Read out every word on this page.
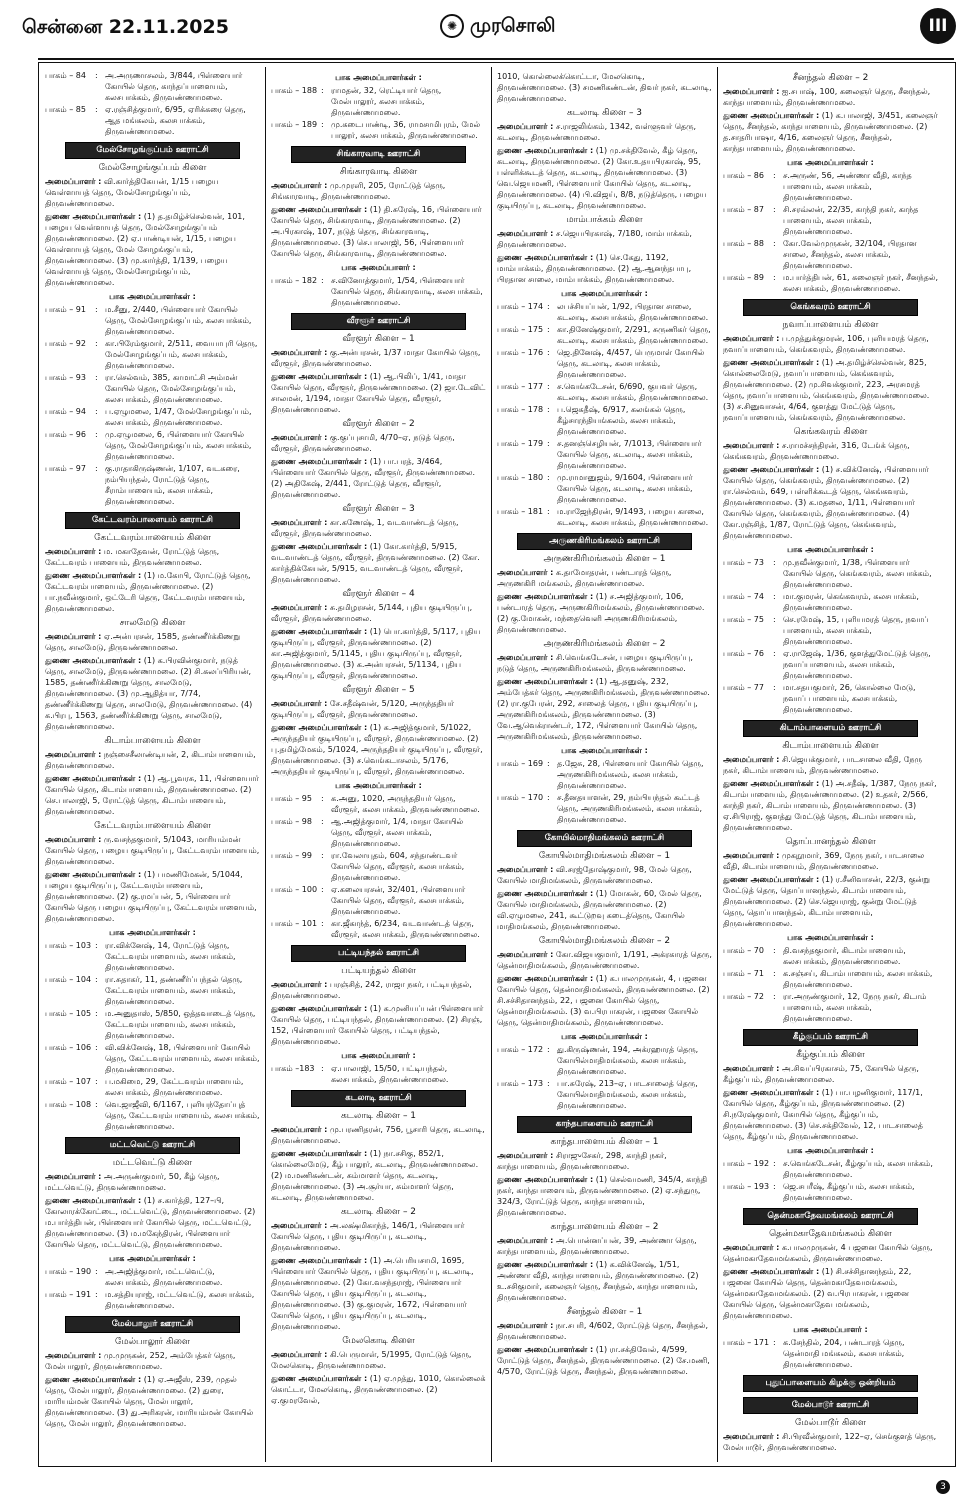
சென்னை 22.11.2025	✺ முரசொலி	III
பாகம் – 84	: அ.அருணாசலம், 3/844, பிள்ளையார் கோயில் தெரு, காந்தப்பாளையம், கலசபாக்கம், திருவண்ணாமலை.
பாகம் – 85	: ஏ.ரஞ்சித்குமார், 6/95, ஏரிக்கரை தெரு, ஆத மங்கலம், கலசபாக்கம், திருவண்ணாமலை.
மேல்சோழங்குப்பம் ஊராட்சி
மேல்சோழங்குப்பம் கிளை
அமைப்பாளர் : வி.கார்த்திகேயன், 1/15 பழைய வெள்ளாயத் தெரு, மேல்சோழங்குப்பம், திருவண்ணாமலை.
துணை அமைப்பாளர்கள் : (1) த.தமிழ்ச்செல்வன், 101, பழைய வெள்ளாயத் தெரு, மேல்சோழங்குப்பம் திருவண்ணாமலை. (2) ஏ.பாண்டியன், 1/15, பழைய வெள்ளாயத் தெரு, மேல் சோழங்குப்பம், திருவண்ணாமலை. (3) மு.கார்த்தி, 1/139, பழைய வெள்ளாயத் தெரு, மேல்சோழங்குப்பம், திருவண்ணாமலை.
பாக அமைப்பாளர்கள் :
பாகம் – 91	: ம.சீனு, 2/440, பிள்ளையார் கோயில் தெரு, மேல்சோழங்குப்பம், கலசபாக்கம், திருவண்ணாமலை.
பாகம் – 92	: கா.பிரேம்குமார், 2/511, வையாபுரி தெரு, மேல்சோழங்குப்பம், கலசபாக்கம், திருவண்ணாமலை.
பாகம் – 93	: ரா.செல்வம், 385, காமாட்சி அம்மன் கோயில் தெரு, மேல்சோழங்குப்பம், கலசபாக்கம், திருவண்ணாமலை.
பாகம் – 94	: ப.ஏழுமலை, 1/47, மேல்சோழங்குப்பம், கலசபாக்கம், திருவண்ணாமலை.
பாகம் – 96	: மு.ஏழுமலை, 6, பிள்ளையார் கோயில் தெரு, மேல்சோழங்குப்பம், கலசபாக்கம், திருவண்ணாமலை.
பாகம் – 97	: கு.ராதாகிருஷ்ணன், 1/107, வடகரை, நம்பியந்தல், ரோட்டுத் தெரு, சீராம்பாளையம், கலசபாக்கம், திருவண்ணாமலை.
கேட்டவரம்பாளையம் ஊராட்சி
கேட்டவரம்பாளையம் கிளை
அமைப்பாளர் : ம. மகாதேவன், ரோட்டுத் தெரு, கேட்டவரம் பாளையம், திருவண்ணாமலை.
துணை அமைப்பாளர்கள் : (1) ம.கோபி, ரோட்டுத் தெரு, கேட்டவரம்பாளையம், திருவண்ணாமலை. (2) பா.நவீன்குமார், ஒட்டேரி தெரு, கேட்டவரம்பாளையம், திருவண்ணாமலை.
சாலமேடு கிளை
அமைப்பாளர் : ஏ.அன்பரசன், 1585, தண்ணீர்க்கிணறு தெரு, சாலமேடு, திருவண்ணாமலை.
துணை அமைப்பாளர்கள் : (1) க.பிரவின்குமார், நடுத் தெரு, சாலமேடு, திருவண்ணாமலை. (2) சி.கலப்பிரியன், 1585, தண்ணீர்க்கிணறு தெரு, சாலமேடு, திருவண்ணாமலை. (3) மு.ஆதித்யா, 7/74, தண்ணீர்க்கிணறு தெரு, சாலமேடு, திருவண்ணாமலை. (4) க.பிரபு, 1563, தண்ணீர்க்கிணறு தெரு, சாலமேடு, திருவண்ணாமலை.
கிடாம்பாளையம் கிளை
அமைப்பாளர் : நஞ்சைசீலாண்டியன், 2, கிடாம்பாளையம், திருவண்ணாமலை.
துணை அமைப்பாளர்கள் : (1) ஆ.பூவரசு, 11, பிள்ளையார் கோயில் தெரு, கிடாம்பாளையம், திருவண்ணாமலை. (2) செ.பாலாஜி, 5, ரோட்டுத் தெரு, கிடாம்பாளையம், திருவண்ணாமலை.
கேட்டவரம்பாளையம் கிளை
அமைப்பாளர் : ரு.வசந்தகுமார், 5/1043, மாரியம்மன் கோயில் தெரு, பழைய குடியிருப்பு, கேட்டவரம்பாளையம், திருவண்ணாமலை.
துணை அமைப்பாளர்கள் : (1) பமணிமேகன், 5/1044, பழைய குடியிருப்பு, கேட்டவரம்பாளையம், திருவண்ணாமலை. (2) கு.ரமப்பன், 5, பிள்ளையார் கோயில் தெரு பழைய குடியிருப்பு, கேட்டவரம்பாளையம், திருவண்ணாமலை.
பாக அமைப்பாளர்கள் :
பாகம் – 103 : ரா.விக்னேஷ், 14, ரோட்டுத் தெரு, கேட்டவரம்பாளையம், கலசபாக்கம், திருவண்ணாமலை.
பாகம் – 104 : ரா.சுதாகர், 11, தண்ணீர்ப்பந்தல் தெரு, கேட்டவரம்பாளையம், கலசபாக்கம், திருவண்ணாமலை.
பாகம் – 105 : ம.அனுதாஸ், 5/850, ஒத்தவாடைத் தெரு, கேட்டவரம்பாளையம், கலசபாக்கம், திருவண்ணாமலை.
பாகம் – 106 : வி.விக்னேஷ், 18, பிள்ளையார் கோயில் தெரு, கேட்டவரம்பாளையம், கலசபாக்கம், திருவண்ணாமலை.
பாகம் – 107 : ப.மகிமை, 29, கேட்டவரம்பாளையம், கலசபாக்கம், திருவண்ணாமலை.
பாகம் – 108 : வெ.ஜாஜீவி, 6/1167, புளியந்தோப்புத் தெரு, கேட்டவரம்பாளையம், கலசபாக்கம், திருவண்ணாமலை.
மட்டவெட்டு ஊராட்சி
மட்டவெட்டு கிளை
அமைப்பாளர் : அ.அருண்குமார், 50, கீழ் தெரு, மட்டவெட்டு, திருவண்ணாமலை.
துணை அமைப்பாளர்கள் : (1) ச.கார்த்தி, 127–பி, கோலாரக்கோட்டை, மட்டவெட்டு, திருவண்ணாமலை. (2) ம.பார்த்திபன், பிள்ளையார் கோயில் தெரு, மட்டவெட்டு, திருவண்ணாமலை. (3) ம.மகேந்திரன், பிள்ளையார் கோயில் தெரு, மட்டவெட்டு, திருவண்ணாமலை.
பாக அமைப்பாளர்கள் :
பாகம் – 190 : அ.அஜித்குமார், மட்டவெட்டு, கலசபாக்கம், திருவண்ணாமலை.
பாகம் – 191 : ம.சத்தியராஜ், மட்டவெட்டு, கலசபாக்கம், திருவண்ணாமலை.
மேல்பாலூர் ஊராட்சி
மேல்பாலூர் கிளை
அமைப்பாளர் : மு.முருகன், 252, அம்பேத்கர் தெரு, மேல்பாலூர், திருவண்ணாமலை.
துணை அமைப்பாளர்கள் : (1) ஏ.அஜீஸ், 239, முதல் தெரு, மேல்பாலூர், திருவண்ணாமலை. (2) துரை, மாரியம்மன் கோயில் தெரு, மேல்பாலூர், திருவண்ணாமலை. (3) து.அரிகரன், மாரியம்மன் கோயில் தெரு, மேல்பாலூர், திருவண்ணாமலை.
பாக அமைப்பாளர்கள் :
பாகம் – 188 : ராமதன், 32, ரெட்டியார் தெரு, மேல்பாலூர், கலசபாக்கம், திருவண்ணாமலை.
பாகம் – 189 : மு.கடைபாண்டி, 36, ராமசாமிபுரம், மேல் பாலூர், கலசபாக்கம், திருவண்ணாமலை.
சிங்காரவாடி ஊராட்சி
சிங்காரவாடி கிளை
அமைப்பாளர் : மு.முரளி, 205, ரோட்டுத் தெரு, சிங்காரவாடி, திருவண்ணாமலை.
துணை அமைப்பாளர்கள் : (1) தி.சுரேஷ், 16, பிள்ளையார் கோயில் தெரு, சிங்காரவாடி, திருவண்ணாமலை. (2) அ.பிரகாஷ், 107, நடுத் தெரு, சிங்காரவாடி, திருவண்ணாமலை. (3) செ.பாலாஜி, 56, பிள்ளையார் கோயில் தெரு, சிங்காரவாடி, திருவண்ணாமலை.
பாக அமைப்பாளர் :
பாகம் – 182 : ச.வினோத்குமார், 1/54, பிள்ளையார் கோயில் தெரு, சிங்காரவாடி, கலசபாக்கம், திருவண்ணாமலை.
வீரளூர் ஊராட்சி
வீரளூர் கிளை – 1
அமைப்பாளர் : கு.அன்பரசன், 1/37 மாதா கோயில் தெரு, வீரளூர், திருவண்ணாமலை.
துணை அமைப்பாளர்கள் : (1) ஆ.பிலிப், 1/41, மாதா கோயில் தெரு, வீரளூர், திருவண்ணாமலை. (2) ஜா.டேவிட் சாலமன், 1/194, மாதா கோயில் தெரு, வீரளூர், திருவண்ணாமலை.
வீரளூர் கிளை – 2
அமைப்பாளர் : கு.குப்புசாமி, 4/70–ஏ, நடுத் தெரு, வீரளூர், திருவண்ணாமலை.
துணை அமைப்பாளர்கள் : (1) பா.பரத், 3/464, பிள்ளையார் கோயில் தெரு, வீரளூர், திருவண்ணாமலை. (2) அதிகேஷ், 2/441, ரோட்டுத் தெரு, வீரளூர், திருவண்ணாமலை.
வீரளூர் கிளை – 3
அமைப்பாளர் : கா.கணேஷ், 1, வடவாண்டத் தெரு, வீரளூர், திருவண்ணாமலை.
துணை அமைப்பாளர்கள் : (1) கோ.கார்த்தி, 5/915, வடவாண்டத் தெரு, வீரளூர், திருவண்ணாமலை. (2) கோ. கார்த்திக்கேயன், 5/915, வடவாண்டத் தெரு, வீரளூர், திருவண்ணாமலை.
வீரளூர் கிளை – 4
அமைப்பாளர் : சு.தமிழரசன், 5/144, புதிய குடியிருப்பு, வீரளூர், திருவண்ணாமலை.
துணை அமைப்பாளர்கள் : (1) பொ.கார்த்தி, 5/117, புதிய குடியிருப்பு, வீரளூர், திருவண்ணாமலை. (2) கா.அஜித்குமார், 5/1145, புதிய குடியிருப்பு, வீரளூர், திருவண்ணாமலை. (3) க.அன்பரசன், 5/1134, புதிய குடியிருப்பு, வீரளூர், திருவண்ணாமலை.
வீரளூர் கிளை – 5
அமைப்பாளர் : சே.சதீஷ்வன், 5/120, அருந்ததியர் குடியிருப்பு, வீரளூர், திருவண்ணாமலை.
துணை அமைப்பாளர்கள் : (1) க.அஜித்குமார், 5/1022, அருந்ததியர் குடியிருப்பு, வீரளூர், திருவண்ணாமலை. (2) பு.தமிழ்மேகம், 5/1024, அருந்ததியர் குடியிருப்பு, வீரளூர், திருவண்ணாமலை. (3) ச.வெங்கடாசலம், 5/176, அருந்ததியர் குடியிருப்பு, வீரளூர், திருவண்ணாமலை.
பாக அமைப்பாளர்கள் :
பாகம் – 95	: க.அனு, 1020, அருந்ததியர் தெரு, வீரளூர், கலசபாக்கம், திருவண்ணாமலை.
பாகம் – 98	: ஆ.அஜித்குமார், 1/4, மாதா கோயில் தெரு, வீரளூர், கலசபாக்கம், திருவண்ணாமலை.
பாகம் – 99	: ரா.வேலாயுதம், 604, சந்தாண்டவர் கோயில் தெரு, வீரளூர், கலசபாக்கம், திருவண்ணாமலை.
பாகம் – 100 : ஏ.கலையரசன், 32/401, பிள்ளையார் கோயில் தெரு, வீரளூர், கலசபாக்கம், திருவண்ணாமலை.
பாகம் – 101 : கா.ஜீகாந்த், 6/234, வடவாண்டத் தெரு, வீரளூர், கலசபாக்கம், திருவண்ணாமலை.
பட்டியந்தல் ஊராட்சி
பட்டியந்தல் கிளை
அமைப்பாளர் : பரஞ்சித், 242, ராஜா நகர், பட்டியந்தல், திருவண்ணாமலை.
துணை அமைப்பாளர்கள் : (1) க.முனியப்பன் பிள்ளையார் கோயில் தெரு, பட்டியந்தல், திருவண்ணாமலை. (2) சிரஞ், 152, பிள்ளையார் கோயில் தெரு, பட்டியந்தல், திருவண்ணாமலை.
பாக அமைப்பாளர் :
பாகம் –183 : ஏ.பாலாஜி, 15/50, பட்டியந்தல், கலசபாக்கம், திருவண்ணாமலை.
கடலாடி ஊராட்சி
கடலாடி கிளை – 1
அமைப்பாளர் : மு.பரணிதரன், 756, பூசாரி தெரு, கடலாடி, திருவண்ணாமலை.
துணை அமைப்பாளர்கள் : (1) நா.சசிகு, 852/1, கொல்லைமேடு, கீழ் பாலூர், கடலாடி, திருவண்ணாமலை. (2) ம.மணிகண்டன், சும்மாளர் தெரு, கடலாடி, திருவண்ணாமலை. (3) அ.சூர்யா, சும்மாளர் தெரு, கடலாடி, திருவண்ணாமலை.
கடலாடி கிளை – 2
அமைப்பாளர் : அ.லக்ஷ்மிகாந்த், 146/1, பிள்ளையார் கோயில் தெரு, புதிய குடியிருப்பு, கடலாடி, திருவண்ணாமலை.
துணை அமைப்பாளர்கள் : (1) அ.பெரியசாமி, 1695, பிள்ளையார் கோயில் தெரு, புதிய குடியிருப்பு, கடலாடி, திருவண்ணாமலை. (2) கோ.வசந்தராஜ், பிள்ளையார் கோயில் தெரு, புதிய குடியிருப்பு, கடலாடி, திருவண்ணாமலை. (3) கு.குமரன், 1672, பிள்ளையார் கோயில் தெரு, புதிய குடியிருப்பு, கடலாடி, திருவண்ணாமலை.
மேலகொடி கிளை
அமைப்பாளர் : கி.பெருமாள், 5/1995, ரோட்டுத் தெரு, மேலகொடி, திருவண்ணாமலை.
துணை அமைப்பாளர்கள் : (1) ஏ.முத்து, 1010, கொல்லைக் கொட்டா, மேலகொடி, திருவண்ணாமலை. (2) ஏ.குமரவேல்,
1010, கொல்லைக்கொட்டா, மேலகொடி, திருவண்ணாமலை. (3) சமணிகண்டன், திவர் நகர், கடலாடி, திருவண்ணாமலை.
கடலாடி கிளை – 3
அமைப்பாளர் : ச.ராஜலிங்கம், 1342, வள்ளுவர் தெரு, கடலாடி, திருவண்ணாமலை.
துணை அமைப்பாளர்கள் : (1) மு.சக்திவேல், கீழ் தெரு, கடலாடி, திருவண்ணாமலை. (2) கோ.உதயபிரகாஷ், 95, பள்ளிக்கூடத் தெரு, கடலாடி, திருவண்ணாமலை. (3) வெ.ஜெயமணி, பிள்ளையார் கோயில் தெரு, கடலாடி, திருவண்ணாமலை. (4) பி.விஜய், 8/8, நடுத்தெரு, பழைய குடியிருப்பு, கடலாடி, திருவண்ணாமலை.
மாம்பாக்கம் கிளை
அமைப்பாளர் : ச.ஜெயபிரகாஷ், 7/180, மாம்பாக்கம், திருவண்ணாமலை.
துணை அமைப்பாளர்கள் : (1) செ.கேது, 1192, மாம்பாக்கம், திருவண்ணாமலை. (2) ஆ.ஆனந்தபாபு, பிரதான சாலை, மாம்பாக்கம், திருவண்ணாமலை.
பாக அமைப்பாளர்கள் :
பாகம் – 174 : லபச்சியப்பன், 1/92, பிரதான சாலை, கடலாடி, கலசபாக்கம், திருவண்ணாமலை.
பாகம் – 175 : கா.தினேஷ்குமார், 2/291, சுருணிகர் தெரு, கடலாடி, கலசபாக்கம், திருவண்ணாமலை.
பாகம் – 176 : ஜெ.தினேஷ், 4/457, பெருமாள் கோயில் தெரு, கடலாடி, கலசபாக்கம், திருவண்ணாமலை.
பாகம் – 177 : ச.வெங்கடேசன், 6/690, குயவர் தெரு, கடலாடி, கலசபாக்கம், திருவண்ணாமலை.
பாகம் – 178 : ப.ஜெகதீஷ், 6/917, கலங்கல் தெரு, கீழ்சாரந்தியங்கலம், கலசபாக்கம், திருவண்ணாமலை.
பாகம் – 179 : ச.தனஞ்செழியன், 7/1013, பிள்ளையார் கோயில் தெரு, கடலாடி, கலசபாக்கம், திருவண்ணாமலை.
பாகம் – 180 : மு.ராமானுஜம், 9/1604, பிள்ளையார் கோயில் தெரு, கடலாடி, கலசபாக்கம், திருவண்ணாமலை.
பாகம் – 181 : ம.ராஜேந்திரன், 9/1493, பழைய காலை, கடலாடி, கலசபாக்கம், திருவண்ணாமலை.
அருணகிரிமங்கலம் ஊராட்சி
அருணகிரிமங்கலம் கிளை – 1
அமைப்பாளர் : க.தாமோதரன், பண்டாரத் தெரு, அருணகிரி மங்கலம், திருவண்ணாமலை.
துணை அமைப்பாளர்கள் : (1) ச.அஜித்குமார், 106, பண்டாரத் தெரு, அருணகிரிமங்கலம், திருவண்ணாமலை. (2) கு.மோகன், மந்தைவெளி அருணகிரிமங்கலம், திருவண்ணாமலை.
அருணகிரிமங்கலம் கிளை – 2
அமைப்பாளர் : சி.வெங்கடேசன், பழைய குடியிருப்பு, நடுத் தெரு, அருணகிரிமங்கலம், திருவண்ணாமலை.
துணை அமைப்பாளர்கள் : (1) ஆ.தனுஷ், 232, அம்பேத்கர் தெரு, அருணகிரிமங்கலம், திருவண்ணாமலை. (2) ரா.குபேரன், 292, சாலைத் தெரு, புதிய குடியிருப்பு, அருணகிரிமங்கலம், திருவண்ணாமலை. (3) வே.ஆவெக்ராண்டர், 172, பிள்ளையார் கோயில் தெரு, அருணகிரிமங்கலம், திருவண்ணாமலை.
பாக அமைப்பாளர்கள் :
பாகம் – 169 : த.ஜேசு, 28, பிள்ளையார் கோயில் தெரு, அருணகிரிமங்கலம், கலசபாக்கம், திருவண்ணாமலை.
பாகம் – 170 : ச.தீனதயாளன், 29, நம்பியந்தல் கூட்டத் தெரு, அருணகிரிமங்கலம், கலசபாக்கம், திருவண்ணாமலை.
கோயில்மாதிமங்கலம் ஊராட்சி
கோயில்மாதிமங்கலம் கிளை – 1
அமைப்பாளர் : வி.சரஜ்தோஷ்குமார், 98, மேல் தெரு, கோயில் மாதிமங்கலம், திருவண்ணாமலை.
துணை அமைப்பாளர்கள் : (1) மோகன், 60, மேல் தெரு, கோயில் மாதிமங்கலம், திருவண்ணாமலை. (2) வி.ஏழுமலை, 241, கூட்டுறவு கடைத்தெரு, கோயில் மாதிமங்கலம், திருவண்ணாமலை.
கோயில்மாதிமங்கலம் கிளை – 2
அமைப்பாளர் : கோ.விஜயகுமார், 1/191, அக்ரகாரத் தெரு, தென்மாதிமங்கலம், திருவண்ணாமலை.
துணை அமைப்பாளர்கள் : (1) க.பாலமுருகன், 4, பஜனை கோயில் தெரு, தென்மாதிமங்கலம், திருவண்ணாமலை. (2) சி.சச்சிதானந்தம், 22, பஜனை கோயில் தெரு, தென்மாதிமங்கலம். (3) வ.பிரபாகரன், பஜனை கோயில் தெரு, தென்மாதிமங்கலம், திருவண்ணாமலை.
பாக அமைப்பாளர்கள் :
பாகம் – 172 : து.கிருஷ்ணன், 194, அக்ரஹாரத் தெரு, கோயில்மாதிமங்கலம், கலசபாக்கம், திருவண்ணாமலை.
பாகம் – 173 : பா.சுரேஷ், 213–ஏ, பாடசாலைத் தெரு, கோயில்மாதிமங்கலம், கலசபாக்கம், திருவண்ணாமலை.
காந்தபாளையம் ஊராட்சி
காந்தபாளையம் கிளை – 1
அமைப்பாளர் : சிராஜுசேகர், 298, காந்தி நகர், காந்தபாளையம், திருவண்ணாமலை.
துணை அமைப்பாளர்கள் : (1) செல்வமணி, 345/4, காந்தி நகர், காந்தபாளையம், திருவண்ணாமலை. (2) ஏ.சந்துரு, 324/3, ரோட்டுத் தெரு, காந்தபாளையம், திருவண்ணாமலை.
காந்தபாளையம் கிளை – 2
அமைப்பாளர் : அ.பொன்னப்பன், 39, அண்ணா தெரு, காந்தபாளையம், திருவண்ணாமலை.
துணை அமைப்பாளர்கள் : (1) க.விக்னேஷ், 1/51, அண்ணா வீதி, காந்தபாளையம், திருவண்ணாமலை. (2) உ.சசிகுமார், கலைஞர் தெரு, சீனந்தல், காந்தபாளையம், திருவண்ணாமலை.
சீனந்தல் கிளை – 1
அமைப்பாளர் : நா.சபரி, 4/602, ரோட்டுத் தெரு, சீனந்தல், திருவண்ணாமலை.
துணை அமைப்பாளர்கள் : (1) ரா.சக்திவேல், 4/599, ரோட்டுத் தெரு, சீனந்தல், திருவண்ணாமலை. (2) சே.மணி, 4/570, ரோட்டுத் தெரு, சீனந்தல், திருவண்ணாமலை.
சீனந்தல் கிளை – 2
அமைப்பாளர் : ஐ.சபாஷ், 100, கலைஞர் தெரு, சீனந்தல், காந்தபாளையம், திருவண்ணாமலை.
துணை அமைப்பாளர்கள் : (1) க.பாலாஜி, 3/451, கலைஞர் தெரு, சீனந்தல், காந்தபாளையம், திருவண்ணாமலை. (2) த.சாதரிபாஷா, 4/16, கலைஞர் தெரு, சீனந்தல், காந்தபாளையம், திருவண்ணாமலை.
பாக அமைப்பாளர்கள் :
பாகம் – 86	: ச.அருண், 56, அண்ணா வீதி, காந்த பாளையம், கலசபாக்கம், திருவண்ணாமலை.
பாகம் – 87	: சி.சரவ்லன், 22/35, காந்தி நகர், காந்த பாளையம், கலசபாக்கம், திருவண்ணாமலை.
பாகம் – 88	: கோ.வேல்முருகன், 32/104, பிரதான சாலை, சீனந்தல், கலசபாக்கம், திருவண்ணாமலை.
பாகம் – 89	: ம.பார்த்திபன், 61, கலைஞர் நகர், சீனந்தல், கலசபாக்கம், திருவண்ணாமலை.
கெங்கவரம் ஊராட்சி
நவாப்பாளையம் கிளை
அமைப்பாளர் : ப.முத்துக்குமரன், 106, புளியமரத் தெரு, நவாப்பாளையம், கெங்கவரம், திருவண்ணாமலை.
துணை அமைப்பாளர்கள் : (1) அ.தமிழ்ச்செல்வன், 825, கொல்லைமேடு, நவாப்பாளையம், கெங்கவரம், திருவண்ணாமலை. (2) மு.சிவக்குமார், 223, அரசமரத் தெரு, நவாப்பாளையம், கெங்கவரம், திருவண்ணாமலை. (3) ச.சினுவாசன், 4/64, குளத்து மேட்டுத் தெரு, நவாப்பாளையம், கெங்கவரம், திருவண்ணாமலை.
கெங்கவரம் கிளை
அமைப்பாளர் : ச.ராமச்சந்திரன், 316, டேங்க் தெரு, கெங்கவரம், திருவண்ணாமலை.
துணை அமைப்பாளர்கள் : (1) ச.விக்னேஷ், பிள்ளையார் கோயில் தெரு, கெங்கவரம், திருவண்ணாமலை. (2) ரா.செல்வம், 649, பள்ளிக்கூடத் தெரு, கெங்கவரம், திருவண்ணாமலை. (3) க.மதலை, 1/11, பிள்ளையார் கோயில் தெரு, கெங்கவரம், திருவண்ணாமலை. (4) கோ.ரஞ்சித், 1/87, ரோட்டுத் தெரு, கெங்கவரம், திருவண்ணாமலை.
பாக அமைப்பாளர்கள் :
பாகம் – 73	: மு.நவீன்குமார், 1/38, பிள்ளையார் கோயில் தெரு, கெங்கவரம், கலசபாக்கம், திருவண்ணாமலை.
பாகம் – 74	: மா.குமரன், கெங்கவரம், கலசபாக்கம், திருவண்ணாமலை.
பாகம் – 75	: செ.ரமேஷ், 15, புளியமரத் தெரு, நவாப் பாளையம், கலசபாக்கம், திருவண்ணாமலை.
பாகம் – 76	: ஏ.ராஜேஷ், 1/36, குளத்துமேட்டுத் தெரு, நவாப்பாளையம், கலசபாக்கம், திருவண்ணாமலை.
பாகம் – 77	: மா.சதயகுமார், 26, கொல்லை மேடு, நவாப் பாளையம், கலசபாக்கம், திருவண்ணாமலை.
கிடாம்பாளையம் ஊராட்சி
கிடாம்பாளையம் கிளை
அமைப்பாளர் : சி.ஜெயக்குமார், பாடசாலை வீதி, நேரு நகர், கிடாம்பாளையம், திருவண்ணாமலை.
துணை அமைப்பாளர்கள் : (1) அ.சதீஷ், 1/387, நேரு நகர், கிடாம்பாளையம், திருவண்ணாமலை. (2) உதகர், 2/566, காந்தி நகர், கிடாம்பாளையம், திருவண்ணாமலை. (3) ஏ.சிபிராஜ், குளத்து மேட்டுத் தெரு, கிடாம்பாளையம், திருவண்ணாமலை.
தொப்பானந்தல் கிளை
அமைப்பாளர் : முகநூமார், 369, நேரு நகர், பாடசாலை வீதி, கிடாம்பாளையம், திருவண்ணாமலை.
துணை அமைப்பாளர்கள் : (1) ர.சீனிவாசன், 22/3, குன்று மேட்டுத் தெரு, தொப்பானந்தல், கிடாம்பாளையம், திருவண்ணாமலை. (2) செ.ஜெயராஜ், குன்று மேட்டுத் தெரு, தொப்பானந்தல், கிடாம்பாளையம், திருவண்ணாமலை.
பாக அமைப்பாளர்கள் :
பாகம் – 70	: தி.வசந்தகுமார், கிடாம்பாளையம், கலசபாக்கம், திருவண்ணாமலை.
பாகம் – 71	: க.சஞ்சய், கிடாம்பாளையம், கலசபாக்கம், திருவண்ணாமலை.
பாகம் – 72	: ரா.அருண்குமார், 12, நேரு நகர், கிடாம் பாளையம், கலசபாக்கம், திருவண்ணாமலை.
கீழ்குப்பம் ஊராட்சி
கீழ்குப்பம் கிளை
அமைப்பாளர் : அ.சிவப்பிரகாசம், 75, கோயில் தெரு, கீழ்குப்பம், திருவண்ணாமலை.
துணை அமைப்பாளர்கள் : (1) பா.பழனிகுமார், 117/1, கோயில் தெரு, கீழ்குப்பம், திருவண்ணாமலை. (2) சி.நரேஷ்குமார், கோயில் தெரு, கீழ்குப்பம், திருவண்ணாமலை. (3) செ.சக்திவேல், 12, பாடசாலைத் தெரு, கீழ்குப்பம், திருவண்ணாமலை.
பாக அமைப்பாளர்கள் :
பாகம் – 192 : ச.வெங்கடேசன், கீழ்குப்பம், கலசபாக்கம், திருவண்ணாமலை.
பாகம் – 193 : ஜெ.சபரீஷ், கீழ்குப்பம், கலசபாக்கம், திருவண்ணாமலை.
தென்மகாதேவமங்கலம் ஊராட்சி
தென்மகாதேவமங்கலம் கிளை
அமைப்பாளர் : க.பாலமுருகன், 4 பஜனை கோயில் தெரு, தென்மகாதேவமங்கலம், திருவண்ணாமலை.
துணை அமைப்பாளர்கள் : (1) சி.சச்சிதானந்தம், 22, பஜனை கோயில் தெரு, தென்மகாதேவமங்கலம், தென்மகாதேவமங்கலம். (2) வ.பிரபாகரன், பஜனை கோயில் தெரு, தென்மகாதேவ மங்கலம், திருவண்ணாமலை.
பாக அமைப்பாளர் :
பாகம் – 171 : க.சேந்தில், 204, பண்டாரத் தெரு, தென்மாதி மங்கலம், கலசபாக்கம், திருவண்ணாமலை.
புதுப்பாளையம் கிழக்கு ஒன்றியம்
மேல்பாடூர் ஊராட்சி
மேல்பாடூர் கிளை
அமைப்பாளர் : சி.பிரவீன்குமார், 122–ஏ, செங்குளத் தெரு, மேல்பாடூர், திருவண்ணாமலை.
3
